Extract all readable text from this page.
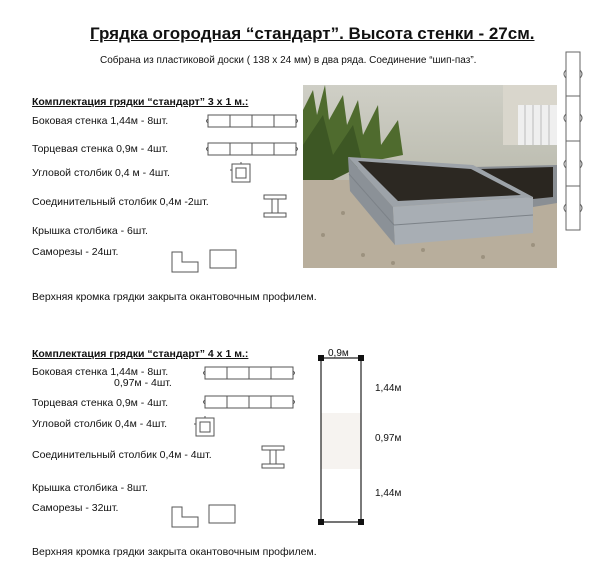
Грядка огородная “стандарт”. Высота стенки - 27см.
Собрана из пластиковой доски ( 138 х 24 мм) в два ряда. Соединение “шип-паз”.
Комплектация грядки “стандарт” 3 х 1 м.:
Боковая стенка 1,44м - 8шт.
Торцевая стенка 0,9м - 4шт.
Угловой столбик 0,4 м - 4шт.
Соединительный столбик 0,4м -2шт.
Крышка столбика - 6шт.
Саморезы - 24шт.
Верхняя кромка грядки закрыта окантовочным профилем.
Комплектация грядки “стандарт” 4 х 1 м.:
Боковая стенка 1,44м - 8шт.
0,97м - 4шт.
Торцевая стенка 0,9м - 4шт.
Угловой столбик 0,4м - 4шт.
Соединительный столбик 0,4м - 4шт.
Крышка столбика - 8шт.
Саморезы - 32шт.
Верхняя кромка грядки закрыта окантовочным профилем.
0,9м
1,44м
0,97м
1,44м
